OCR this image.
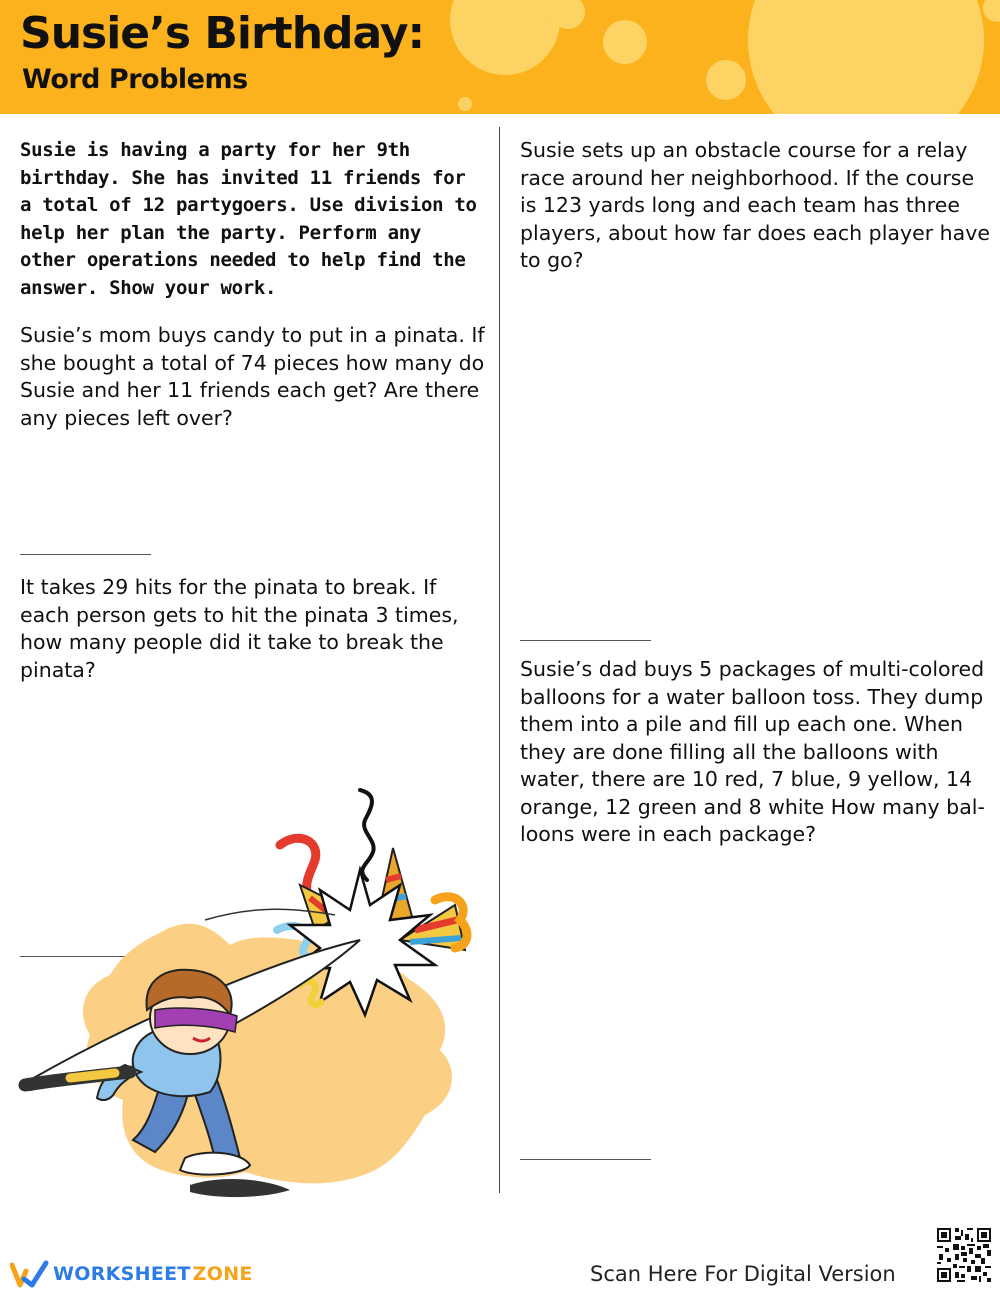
Susie’s Birthday:
Word Problems

Susie is having a party for her 9th birthday. She has invited 11 friends for a total of 12 partygoers. Use division to help her plan the party. Perform any other operations needed to help find the answer. Show your work.

Susie’s mom buys candy to put in a pinata. If she bought a total of 74 pieces how many do Susie and her 11 friends each get? Are there any pieces left over?

It takes 29 hits for the pinata to break. If each person gets to hit the pinata 3 times, how many people did it take to break the pinata?

Susie sets up an obstacle course for a relay race around her neighborhood. If the course is 123 yards long and each team has three players, about how far does each player have to go?

Susie’s dad buys 5 packages of multi-colored balloons for a water balloon toss. They dump them into a pile and fill up each one. When they are done filling all the balloons with water, there are 10 red, 7 blue, 9 yellow, 14 orange, 12 green and 8 white How many bal-loons were in each package?

WORKSHEET ZONE	Scan Here For Digital Version
